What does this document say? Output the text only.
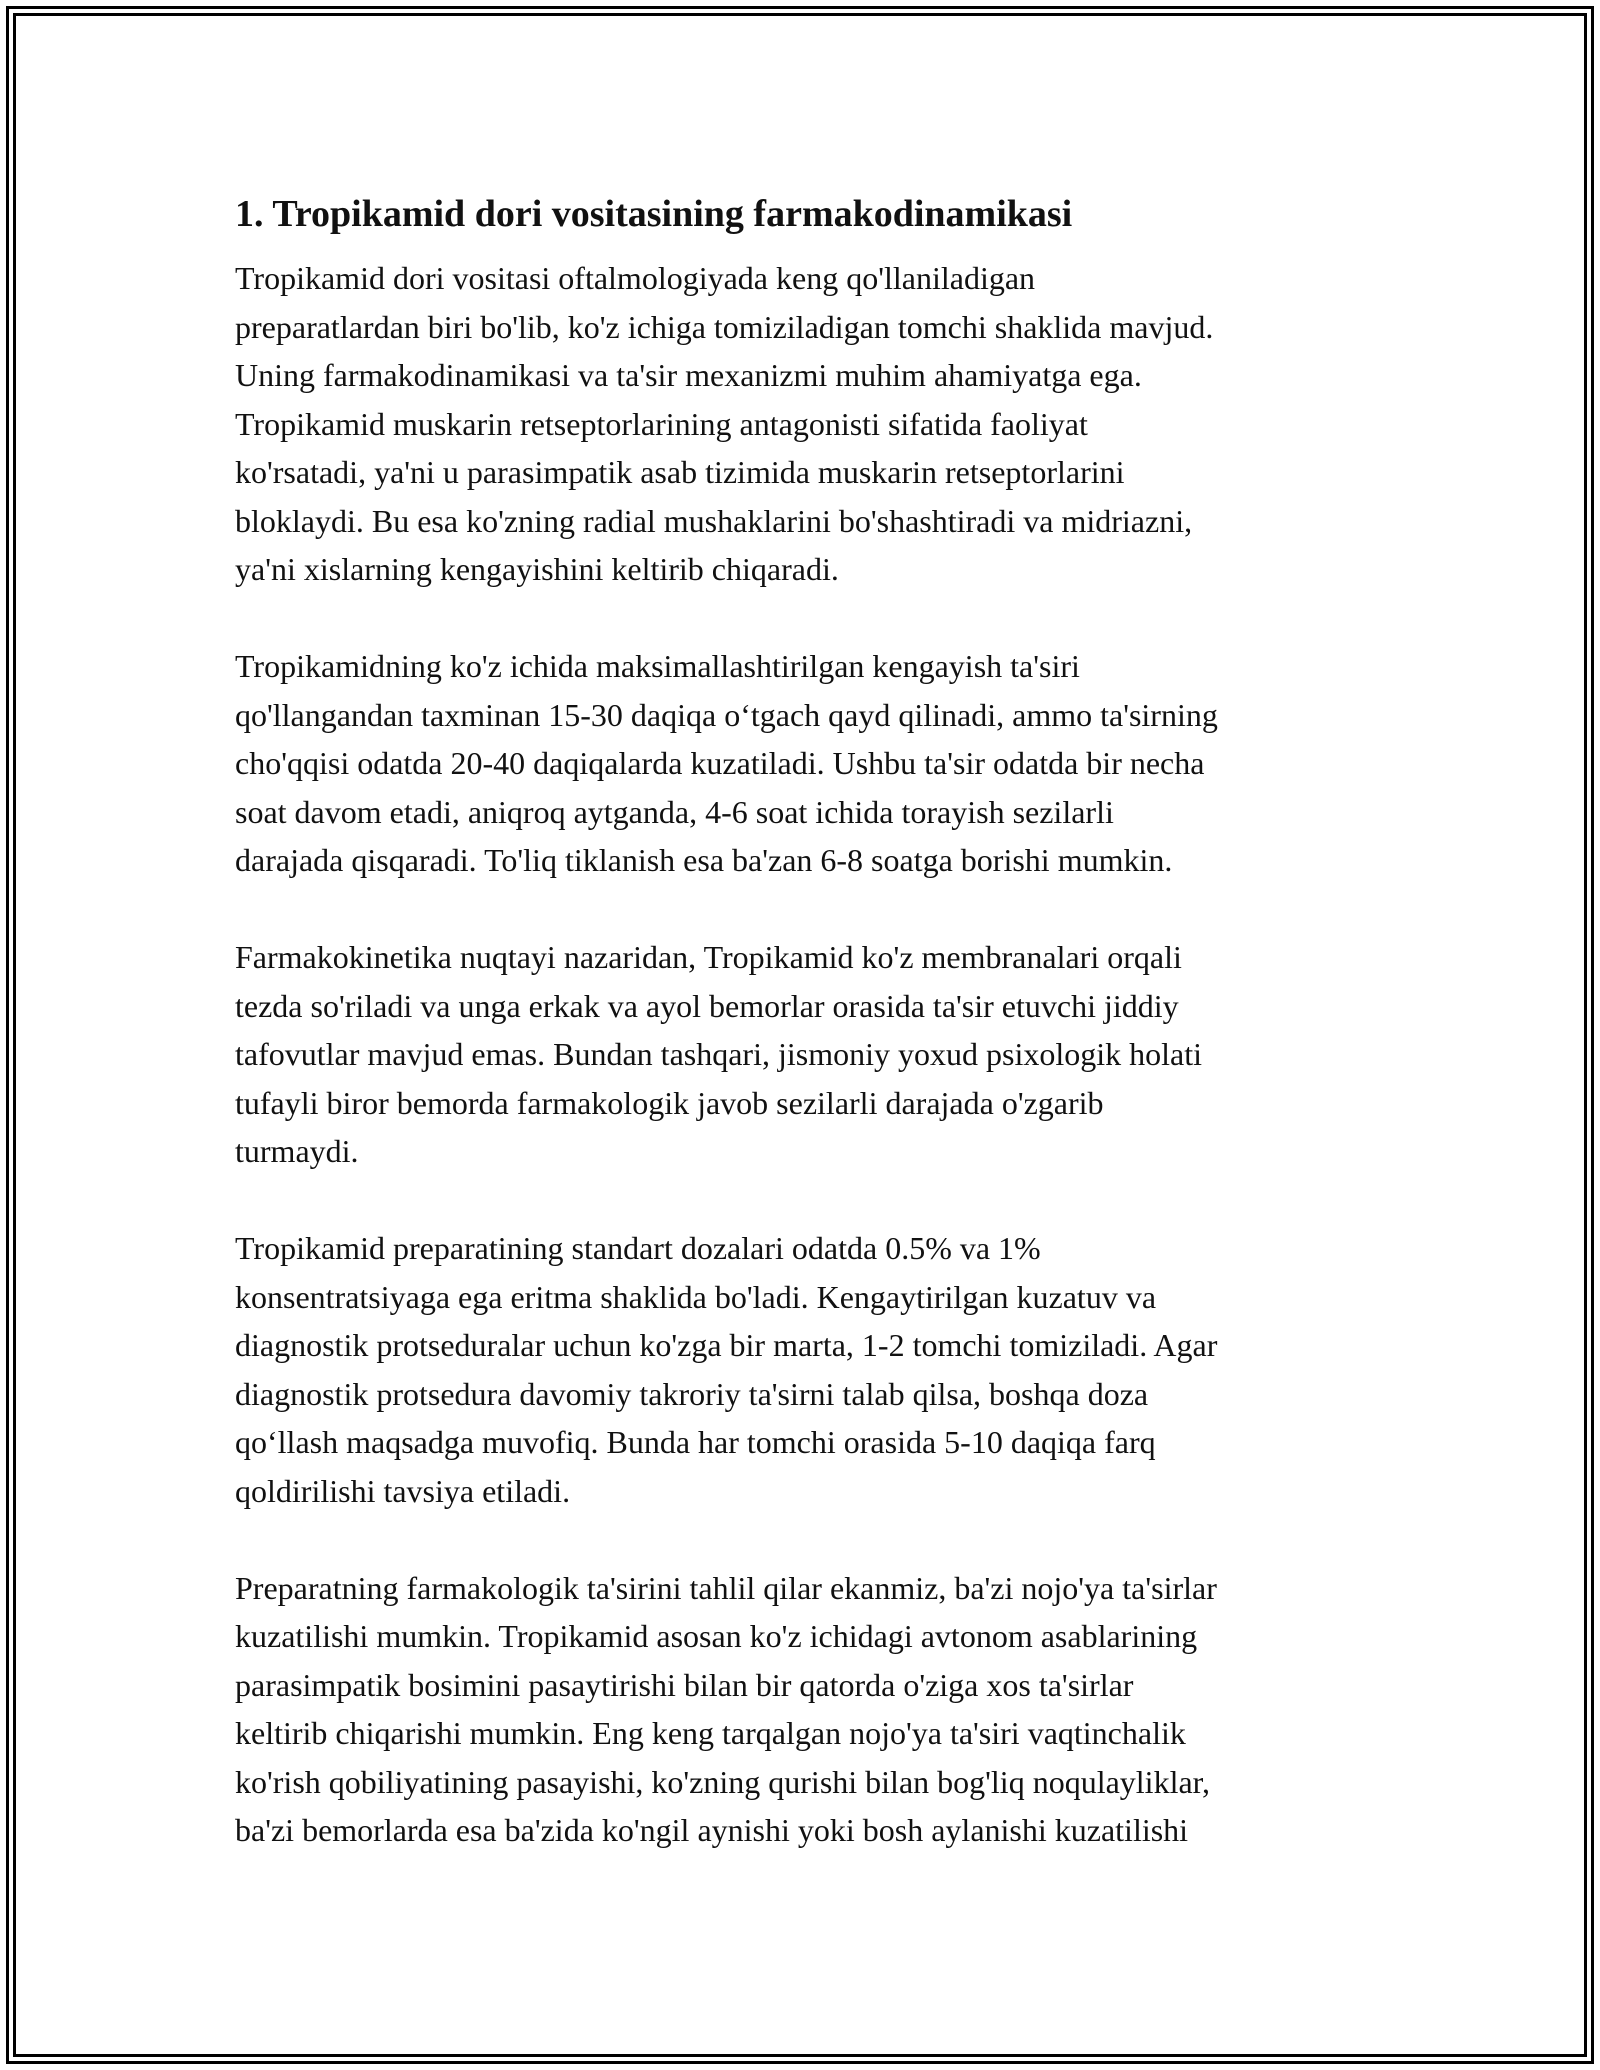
1. Tropikamid dori vositasining farmakodinamikasi
Tropikamid dori vositasi oftalmologiyada keng qo'llaniladigan
preparatlardan biri bo'lib, ko'z ichiga tomiziladigan tomchi shaklida mavjud.
Uning farmakodinamikasi va ta'sir mexanizmi muhim ahamiyatga ega.
Tropikamid muskarin retseptorlarining antagonisti sifatida faoliyat
ko'rsatadi, ya'ni u parasimpatik asab tizimida muskarin retseptorlarini
bloklaydi. Bu esa ko'zning radial mushaklarini bo'shashtiradi va midriazni,
ya'ni xislarning kengayishini keltirib chiqaradi.
Tropikamidning ko'z ichida maksimallashtirilgan kengayish ta'siri
qo'llangandan taxminan 15-30 daqiqa o‘tgach qayd qilinadi, ammo ta'sirning
cho'qqisi odatda 20-40 daqiqalarda kuzatiladi. Ushbu ta'sir odatda bir necha
soat davom etadi, aniqroq aytganda, 4-6 soat ichida torayish sezilarli
darajada qisqaradi. To'liq tiklanish esa ba'zan 6-8 soatga borishi mumkin.
Farmakokinetika nuqtayi nazaridan, Tropikamid ko'z membranalari orqali
tezda so'riladi va unga erkak va ayol bemorlar orasida ta'sir etuvchi jiddiy
tafovutlar mavjud emas. Bundan tashqari, jismoniy yoxud psixologik holati
tufayli biror bemorda farmakologik javob sezilarli darajada o'zgarib
turmaydi.
Tropikamid preparatining standart dozalari odatda 0.5% va 1%
konsentratsiyaga ega eritma shaklida bo'ladi. Kengaytirilgan kuzatuv va
diagnostik protseduralar uchun ko'zga bir marta, 1-2 tomchi tomiziladi. Agar
diagnostik protsedura davomiy takroriy ta'sirni talab qilsa, boshqa doza
qo‘llash maqsadga muvofiq. Bunda har tomchi orasida 5-10 daqiqa farq
qoldirilishi tavsiya etiladi.
Preparatning farmakologik ta'sirini tahlil qilar ekanmiz, ba'zi nojo'ya ta'sirlar
kuzatilishi mumkin. Tropikamid asosan ko'z ichidagi avtonom asablarining
parasimpatik bosimini pasaytirishi bilan bir qatorda o'ziga xos ta'sirlar
keltirib chiqarishi mumkin. Eng keng tarqalgan nojo'ya ta'siri vaqtinchalik
ko'rish qobiliyatining pasayishi, ko'zning qurishi bilan bog'liq noqulayliklar,
ba'zi bemorlarda esa ba'zida ko'ngil aynishi yoki bosh aylanishi kuzatilishi
